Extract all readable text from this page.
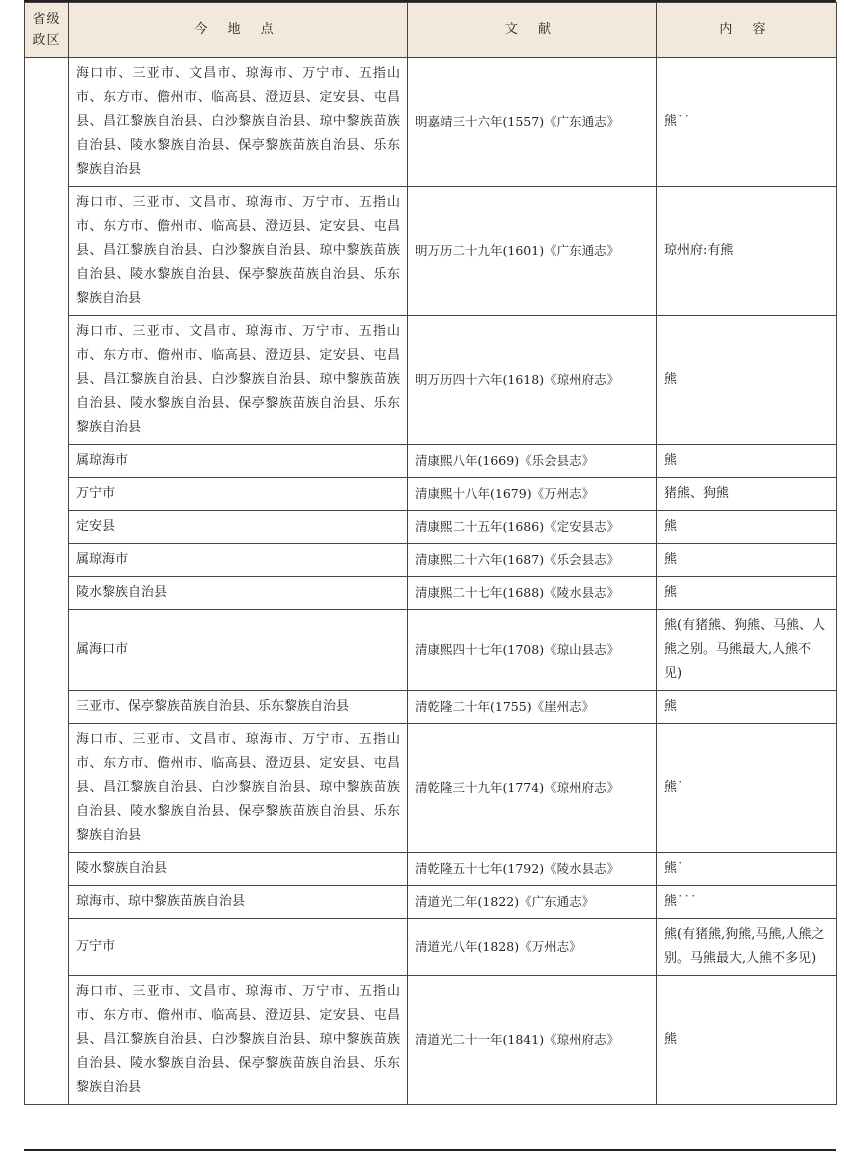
省级政区	今 地 点	文 献	内 容
	海口市、三亚市、文昌市、琼海市、万宁市、五指山市、东方市、儋州市、临高县、澄迈县、定安县、屯昌县、昌江黎族自治县、白沙黎族自治县、琼中黎族苗族自治县、陵水黎族自治县、保亭黎族苗族自治县、乐东黎族自治县	明嘉靖三十六年(1557)《广东通志》	熊˙˙
	海口市、三亚市、文昌市、琼海市、万宁市、五指山市、东方市、儋州市、临高县、澄迈县、定安县、屯昌县、昌江黎族自治县、白沙黎族自治县、琼中黎族苗族自治县、陵水黎族自治县、保亭黎族苗族自治县、乐东黎族自治县	明万历二十九年(1601)《广东通志》	琼州府:有熊
	海口市、三亚市、文昌市、琼海市、万宁市、五指山市、东方市、儋州市、临高县、澄迈县、定安县、屯昌县、昌江黎族自治县、白沙黎族自治县、琼中黎族苗族自治县、陵水黎族自治县、保亭黎族苗族自治县、乐东黎族自治县	明万历四十六年(1618)《琼州府志》	熊
	属琼海市	清康熙八年(1669)《乐会县志》	熊
	万宁市	清康熙十八年(1679)《万州志》	猪熊、狗熊
	定安县	清康熙二十五年(1686)《定安县志》	熊
	属琼海市	清康熙二十六年(1687)《乐会县志》	熊
	陵水黎族自治县	清康熙二十七年(1688)《陵水县志》	熊
	属海口市	清康熙四十七年(1708)《琼山县志》	熊(有猪熊、狗熊、马熊、人熊之别。马熊最大,人熊不见)
	三亚市、保亭黎族苗族自治县、乐东黎族自治县	清乾隆二十年(1755)《崖州志》	熊
	海口市、三亚市、文昌市、琼海市、万宁市、五指山市、东方市、儋州市、临高县、澄迈县、定安县、屯昌县、昌江黎族自治县、白沙黎族自治县、琼中黎族苗族自治县、陵水黎族自治县、保亭黎族苗族自治县、乐东黎族自治县	清乾隆三十九年(1774)《琼州府志》	熊˙
	陵水黎族自治县	清乾隆五十七年(1792)《陵水县志》	熊˙
	琼海市、琼中黎族苗族自治县	清道光二年(1822)《广东通志》	熊˙˙˙
	万宁市	清道光八年(1828)《万州志》	熊(有猪熊,狗熊,马熊,人熊之别。马熊最大,人熊不多见)
	海口市、三亚市、文昌市、琼海市、万宁市、五指山市、东方市、儋州市、临高县、澄迈县、定安县、屯昌县、昌江黎族自治县、白沙黎族自治县、琼中黎族苗族自治县、陵水黎族自治县、保亭黎族苗族自治县、乐东黎族自治县	清道光二十一年(1841)《琼州府志》	熊
